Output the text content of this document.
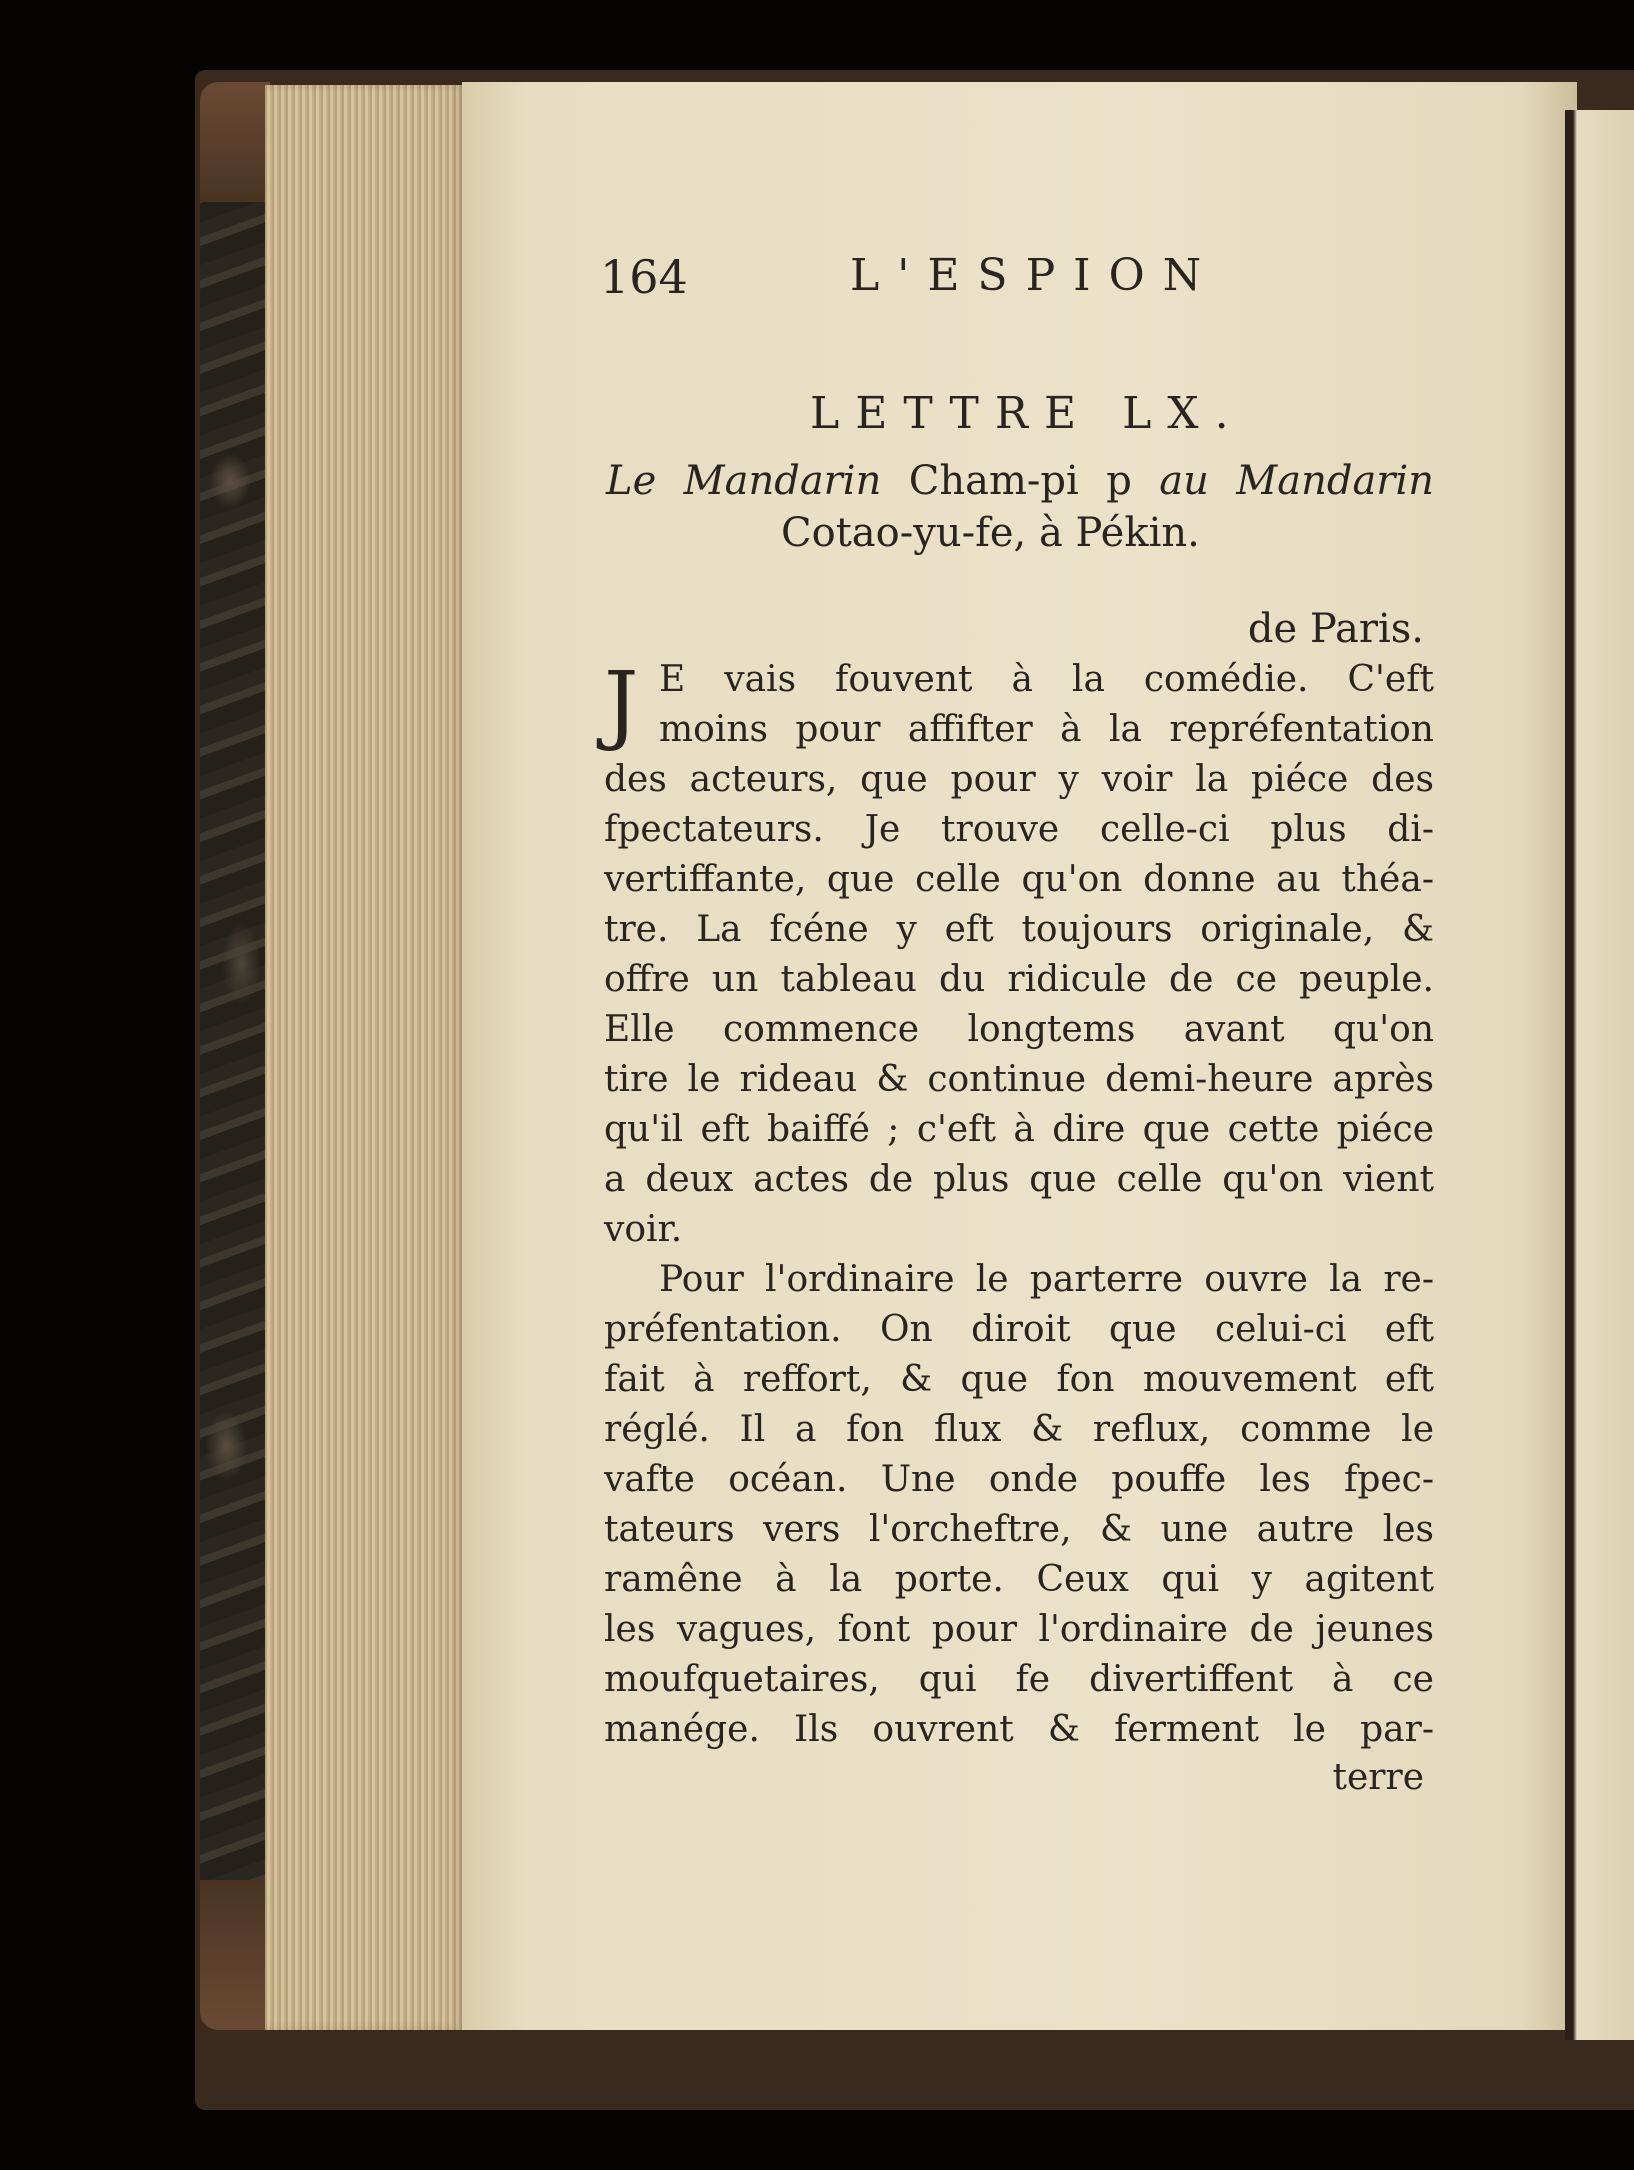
164	L'ESPION
LETTRE LX.
Le Mandarin Cham-pi p au Mandarin
Cotao-yu-fe, à Pékin.
de Paris.
J E vais fouvent à la comédie. C'eft
moins pour affifter à la repréfentation
des acteurs, que pour y voir la piéce des
fpectateurs. Je trouve celle-ci plus di-
vertiffante, que celle qu'on donne au théa-
tre. La fcéne y eft toujours originale, &
offre un tableau du ridicule de ce peuple.
Elle commence longtems avant qu'on
tire le rideau & continue demi-heure après
qu'il eft baiffé ; c'eft à dire que cette piéce
a deux actes de plus que celle qu'on vient
voir.
Pour l'ordinaire le parterre ouvre la re-
préfentation. On diroit que celui-ci eft
fait à reffort, & que fon mouvement eft
réglé. Il a fon flux & reflux, comme le
vafte océan. Une onde pouffe les fpec-
tateurs vers l'orcheftre, & une autre les
ramêne à la porte. Ceux qui y agitent
les vagues, font pour l'ordinaire de jeunes
moufquetaires, qui fe divertiffent à ce
manége. Ils ouvrent & ferment le par-
terre
